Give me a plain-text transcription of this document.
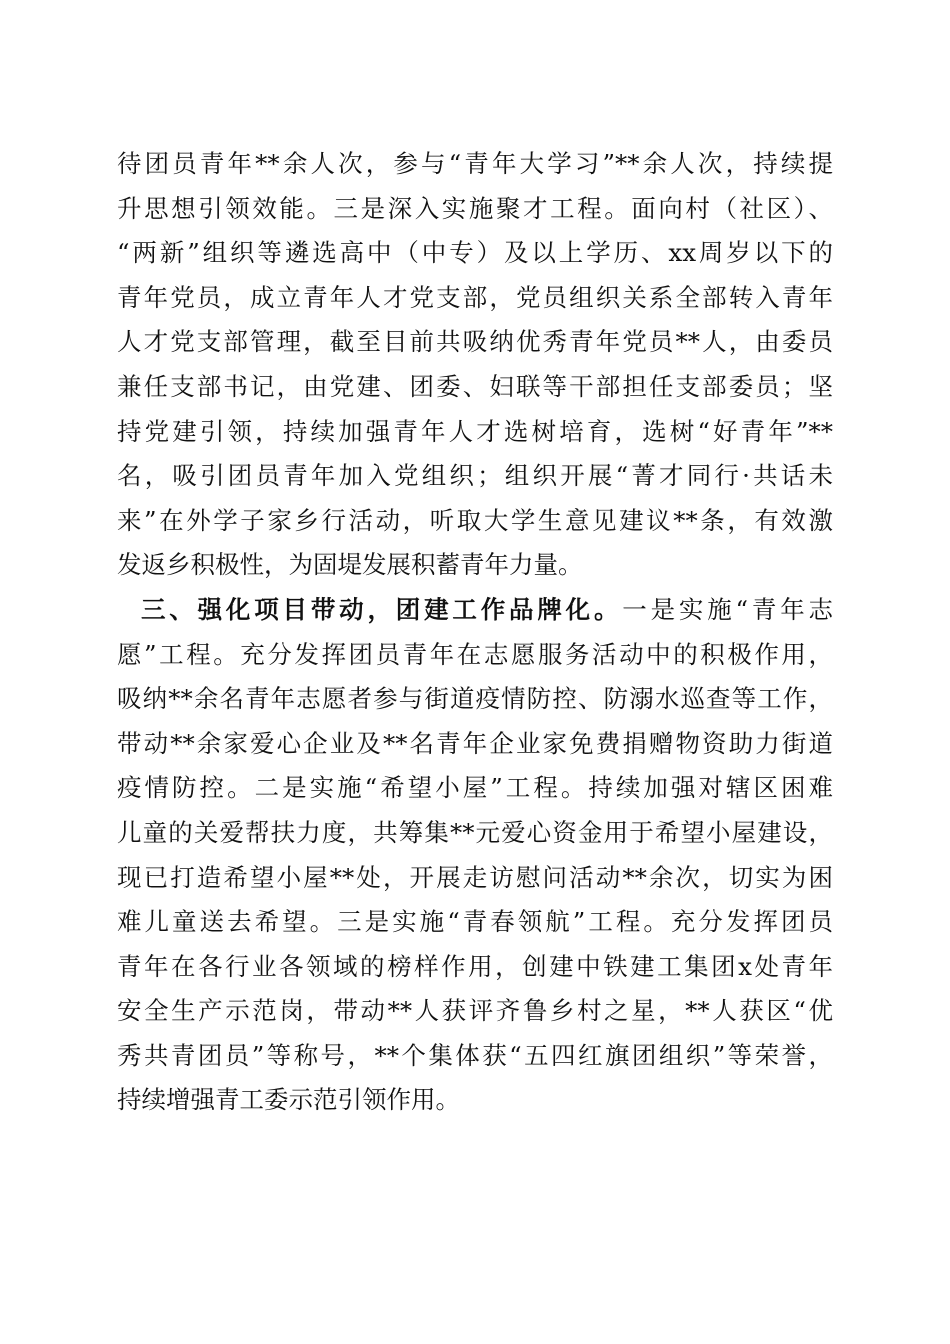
待团员青年**余人次，参与“青年大学习”**余人次，持续提
升思想引领效能。三是深入实施聚才工程。面向村（社区）、
“两新”组织等遴选高中（中专）及以上学历、xx周岁以下的
青年党员，成立青年人才党支部，党员组织关系全部转入青年
人才党支部管理，截至目前共吸纳优秀青年党员**人，由委员
兼任支部书记，由党建、团委、妇联等干部担任支部委员；坚
持党建引领，持续加强青年人才选树培育，选树“好青年”**
名，吸引团员青年加入党组织；组织开展“菁才同行·共话未
来”在外学子家乡行活动，听取大学生意见建议**条，有效激
发返乡积极性，为固堤发展积蓄青年力量。
三、强化项目带动，团建工作品牌化。一是实施“青年志
愿”工程。充分发挥团员青年在志愿服务活动中的积极作用，
吸纳**余名青年志愿者参与街道疫情防控、防溺水巡查等工作，
带动**余家爱心企业及**名青年企业家免费捐赠物资助力街道
疫情防控。二是实施“希望小屋”工程。持续加强对辖区困难
儿童的关爱帮扶力度，共筹集**元爱心资金用于希望小屋建设，
现已打造希望小屋**处，开展走访慰问活动**余次，切实为困
难儿童送去希望。三是实施“青春领航”工程。充分发挥团员
青年在各行业各领域的榜样作用，创建中铁建工集团x处青年
安全生产示范岗，带动**人获评齐鲁乡村之星，**人获区“优
秀共青团员”等称号，**个集体获“五四红旗团组织”等荣誉，
持续增强青工委示范引领作用。
